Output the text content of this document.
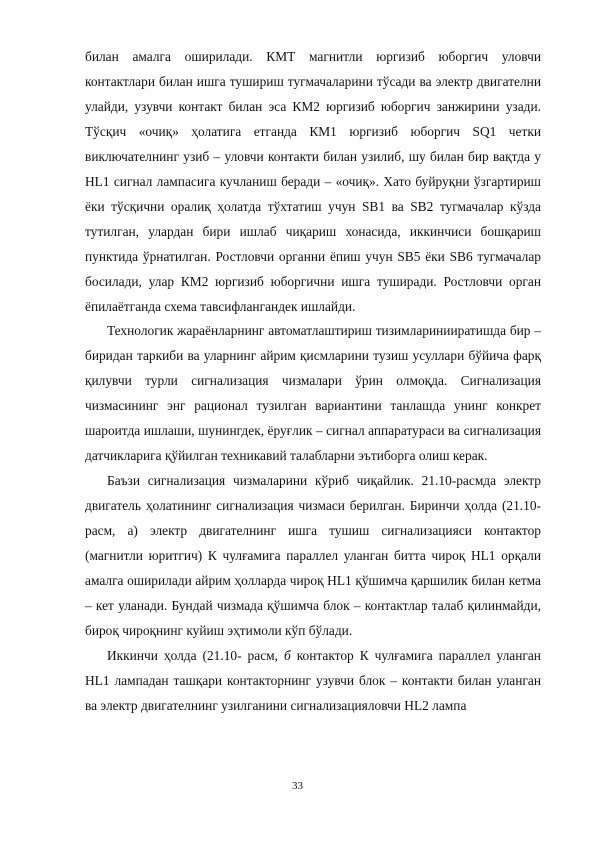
билан амалга оширилади. КМТ магнитли юргизиб юборгич уловчи контактлари билан ишга тушириш тугмачаларини тўсади ва электр двигателни улайди, узувчи контакт билан эса КМ2 юргизиб юборгич занжирини узади. Тўсқич «очиқ» ҳолатига етганда КМ1 юргизиб юборгич SQ1 четки виключателнинг узиб – уловчи контакти билан узилиб, шу билан бир вақтда у HL1 сигнал лампасига кучланиш беради – «очиқ». Хато буйруқни ўзгартириш ёки тўсқични оралиқ ҳолатда тўхтатиш учун SB1 ва SB2 тугмачалар кўзда тутилган, улардан бири ишлаб чиқариш хонасида, иккинчиси бошқариш пунктида ўрнатилган. Ростловчи органни ёпиш учун SB5 ёки SB6 тугмачалар босилади, улар КМ2 юргизиб юборгични ишга туширади. Ростловчи орган ёпилаётганда схема тавсифлангандек ишлайди.

Технологик жараёнларнинг автоматлаштириш тизимларинииратишда бир – биридан таркиби ва уларнинг айрим қисмларини тузиш усуллари бўйича фарқ қилувчи турли сигнализация чизмалари ўрин олмоқда. Сигнализация чизмасининг энг рационал тузилган вариантини танлашда унинг конкрет шароитда ишлаши, шунингдек, ёруғлик – сигнал аппаратураси ва сигнализация датчикларига қўйилган техникавий талабларни эътиборга олиш керак.

Баъзи сигнализация чизмаларини кўриб чиқайлик. 21.10-расмда электр двигатель ҳолатининг сигнализация чизмаси берилган. Биринчи ҳолда (21.10-расм, а) электр двигателнинг ишга тушиш сигнализацияси контактор (магнитли юритгич) К чулғамига параллел уланган битта чироқ HL1 орқали амалга оширилади айрим ҳолларда чироқ HL1 қўшимча қаршилик билан кетма – кет уланади. Бундай чизмада қўшимча блок – контактлар талаб қилинмайди, бироқ чироқнинг куйиш эҳтимоли кўп бўлади.

Иккинчи ҳолда (21.10- расм, б контактор К чулғамига параллел уланган HL1 лампадан ташқари контакторнинг узувчи блок – контакти билан уланган ва электр двигателнинг узилганини сигнализацияловчи HL2 лампа

33
